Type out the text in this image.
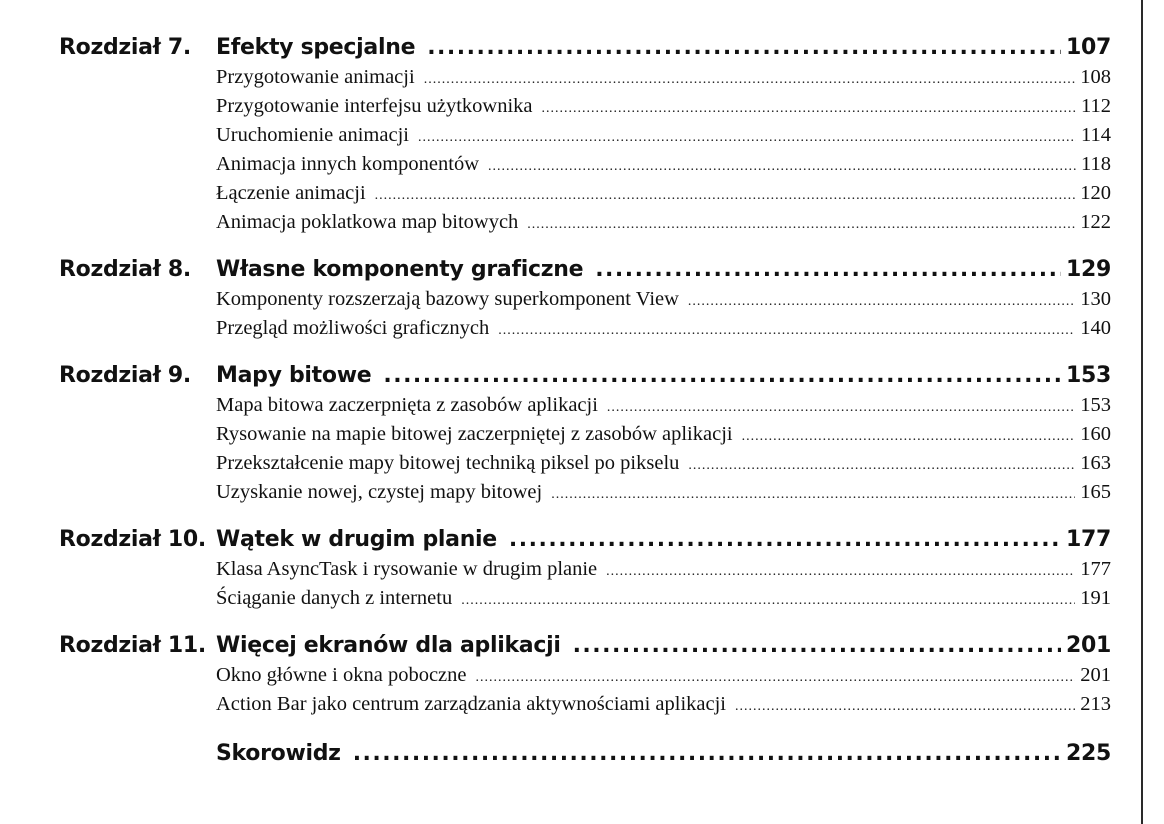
Rozdział 7. Efekty specjalne .....	107
Przygotowanie animacji .....	108
Przygotowanie interfejsu użytkownika .....	112
Uruchomienie animacji .....	114
Animacja innych komponentów .....	118
Łączenie animacji .....	120
Animacja poklatkowa map bitowych .....	122
Rozdział 8. Własne komponenty graficzne .....	129
Komponenty rozszerzają bazowy superkomponent View .....	130
Przegląd możliwości graficznych .....	140
Rozdział 9. Mapy bitowe .....	153
Mapa bitowa zaczerpnięta z zasobów aplikacji .....	153
Rysowanie na mapie bitowej zaczerpniętej z zasobów aplikacji .....	160
Przekształcenie mapy bitowej techniką piksel po pikselu .....	163
Uzyskanie nowej, czystej mapy bitowej .....	165
Rozdział 10. Wątek w drugim planie .....	177
Klasa AsyncTask i rysowanie w drugim planie .....	177
Ściąganie danych z internetu .....	191
Rozdział 11. Więcej ekranów dla aplikacji .....	201
Okno główne i okna poboczne .....	201
Action Bar jako centrum zarządzania aktywnościami aplikacji .....	213
Skorowidz .....	225
